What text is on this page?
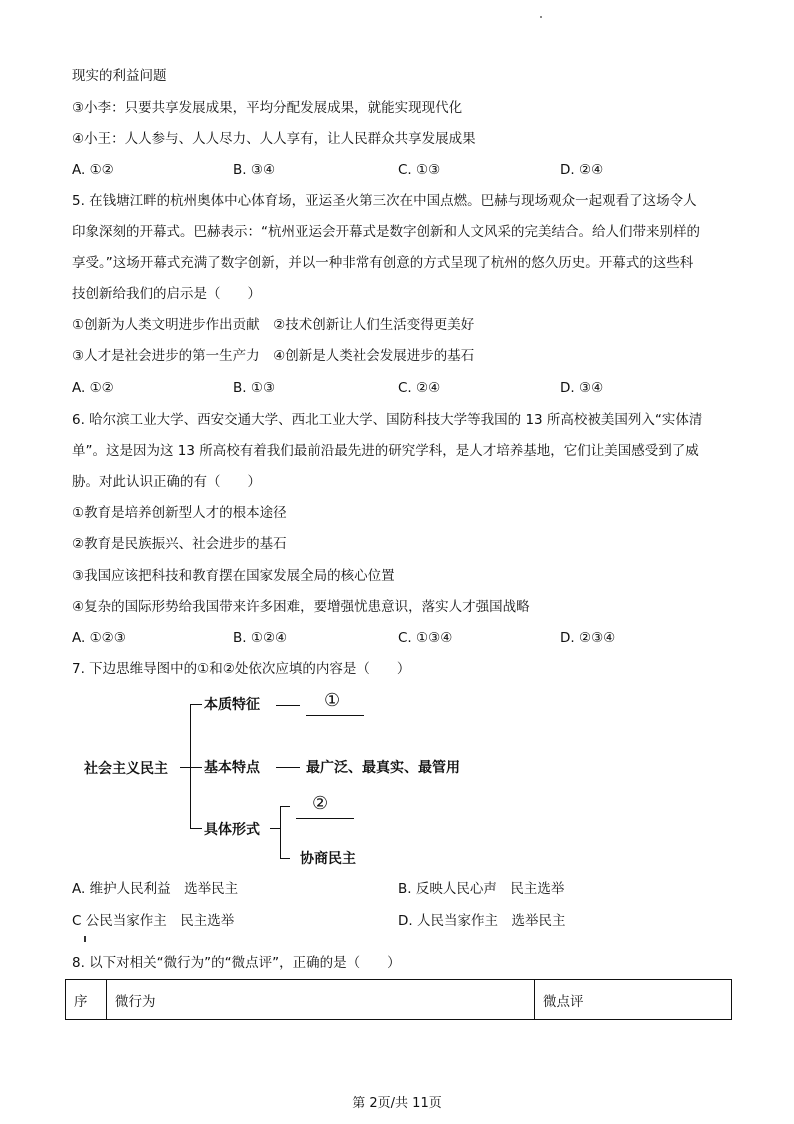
现实的利益问题
③小李：只要共享发展成果，平均分配发展成果，就能实现现代化
④小王：人人参与、人人尽力、人人享有，让人民群众共享发展成果
A. ①②	B. ③④	C. ①③	D. ②④
5. 在钱塘江畔的杭州奥体中心体育场，亚运圣火第三次在中国点燃。巴赫与现场观众一起观看了这场令人
印象深刻的开幕式。巴赫表示：“杭州亚运会开幕式是数字创新和人文风采的完美结合。给人们带来别样的
享受。”这场开幕式充满了数字创新，并以一种非常有创意的方式呈现了杭州的悠久历史。开幕式的这些科
技创新给我们的启示是（　　）
①创新为人类文明进步作出贡献　②技术创新让人们生活变得更美好
③人才是社会进步的第一生产力　④创新是人类社会发展进步的基石
A. ①②	B. ①③	C. ②④	D. ③④
6. 哈尔滨工业大学、西安交通大学、西北工业大学、国防科技大学等我国的 13 所高校被美国列入“实体清
单”。这是因为这 13 所高校有着我们最前沿最先进的研究学科，是人才培养基地，它们让美国感受到了威
胁。对此认识正确的有（　　）
①教育是培养创新型人才的根本途径
②教育是民族振兴、社会进步的基石
③我国应该把科技和教育摆在国家发展全局的核心位置
④复杂的国际形势给我国带来许多困难，要增强忧患意识，落实人才强国战略
A. ①②③	B. ①②④	C. ①③④	D. ②③④
7. 下边思维导图中的①和②处依次应填的内容是（　　）
社会主义民主
本质特征	①
基本特点	最广泛、最真实、最管用
具体形式
②
协商民主
A. 维护人民利益　选举民主	B. 反映人民心声　民主选举
C 公民当家作主　民主选举	D. 人民当家作主　选举民主
8. 以下对相关“微行为”的“微点评”，正确的是（　　）
序	微行为	微点评
第 2页/共 11页
